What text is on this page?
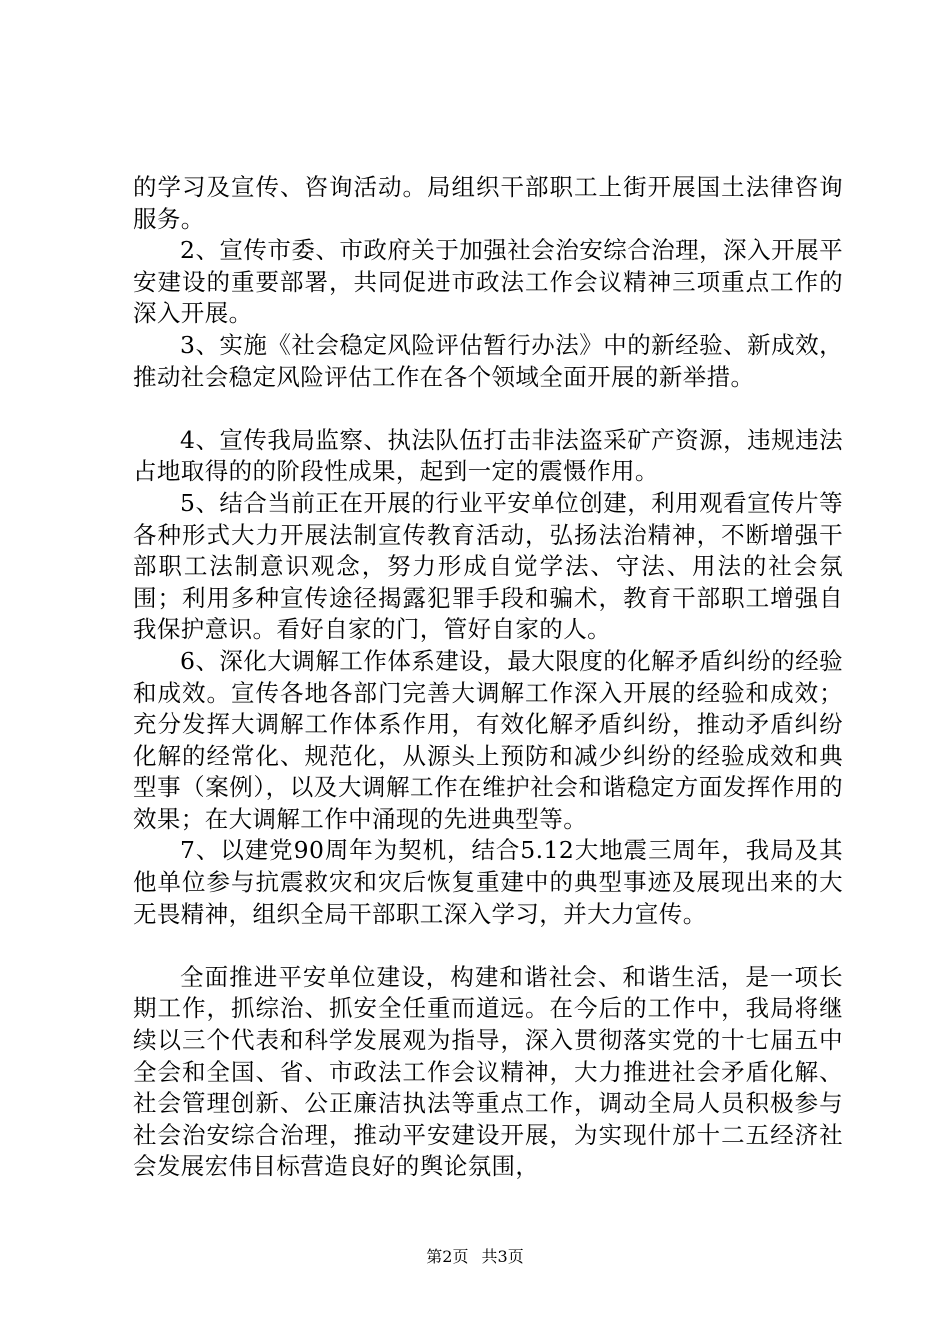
的学习及宣传、咨询活动。局组织干部职工上街开展国土法律咨询服务。

2、宣传市委、市政府关于加强社会治安综合治理，深入开展平安建设的重要部署，共同促进市政法工作会议精神三项重点工作的深入开展。

3、实施《社会稳定风险评估暂行办法》中的新经验、新成效，推动社会稳定风险评估工作在各个领域全面开展的新举措。

4、宣传我局监察、执法队伍打击非法盗采矿产资源，违规违法占地取得的的阶段性成果，起到一定的震慑作用。

5、结合当前正在开展的行业平安单位创建，利用观看宣传片等各种形式大力开展法制宣传教育活动，弘扬法治精神，不断增强干部职工法制意识观念，努力形成自觉学法、守法、用法的社会氛围；利用多种宣传途径揭露犯罪手段和骗术，教育干部职工增强自我保护意识。看好自家的门，管好自家的人。

6、深化大调解工作体系建设，最大限度的化解矛盾纠纷的经验和成效。宣传各地各部门完善大调解工作深入开展的经验和成效；充分发挥大调解工作体系作用，有效化解矛盾纠纷，推动矛盾纠纷化解的经常化、规范化，从源头上预防和减少纠纷的经验成效和典型事（案例），以及大调解工作在维护社会和谐稳定方面发挥作用的效果；在大调解工作中涌现的先进典型等。

7、以建党90周年为契机，结合5.12大地震三周年，我局及其他单位参与抗震救灾和灾后恢复重建中的典型事迹及展现出来的大无畏精神，组织全局干部职工深入学习，并大力宣传。

全面推进平安单位建设，构建和谐社会、和谐生活，是一项长期工作，抓综治、抓安全任重而道远。在今后的工作中，我局将继续以三个代表和科学发展观为指导，深入贯彻落实党的十七届五中全会和全国、省、市政法工作会议精神，大力推进社会矛盾化解、社会管理创新、公正廉洁执法等重点工作，调动全局人员积极参与社会治安综合治理，推动平安建设开展，为实现什邡十二五经济社会发展宏伟目标营造良好的舆论氛围，

第2页 共3页
